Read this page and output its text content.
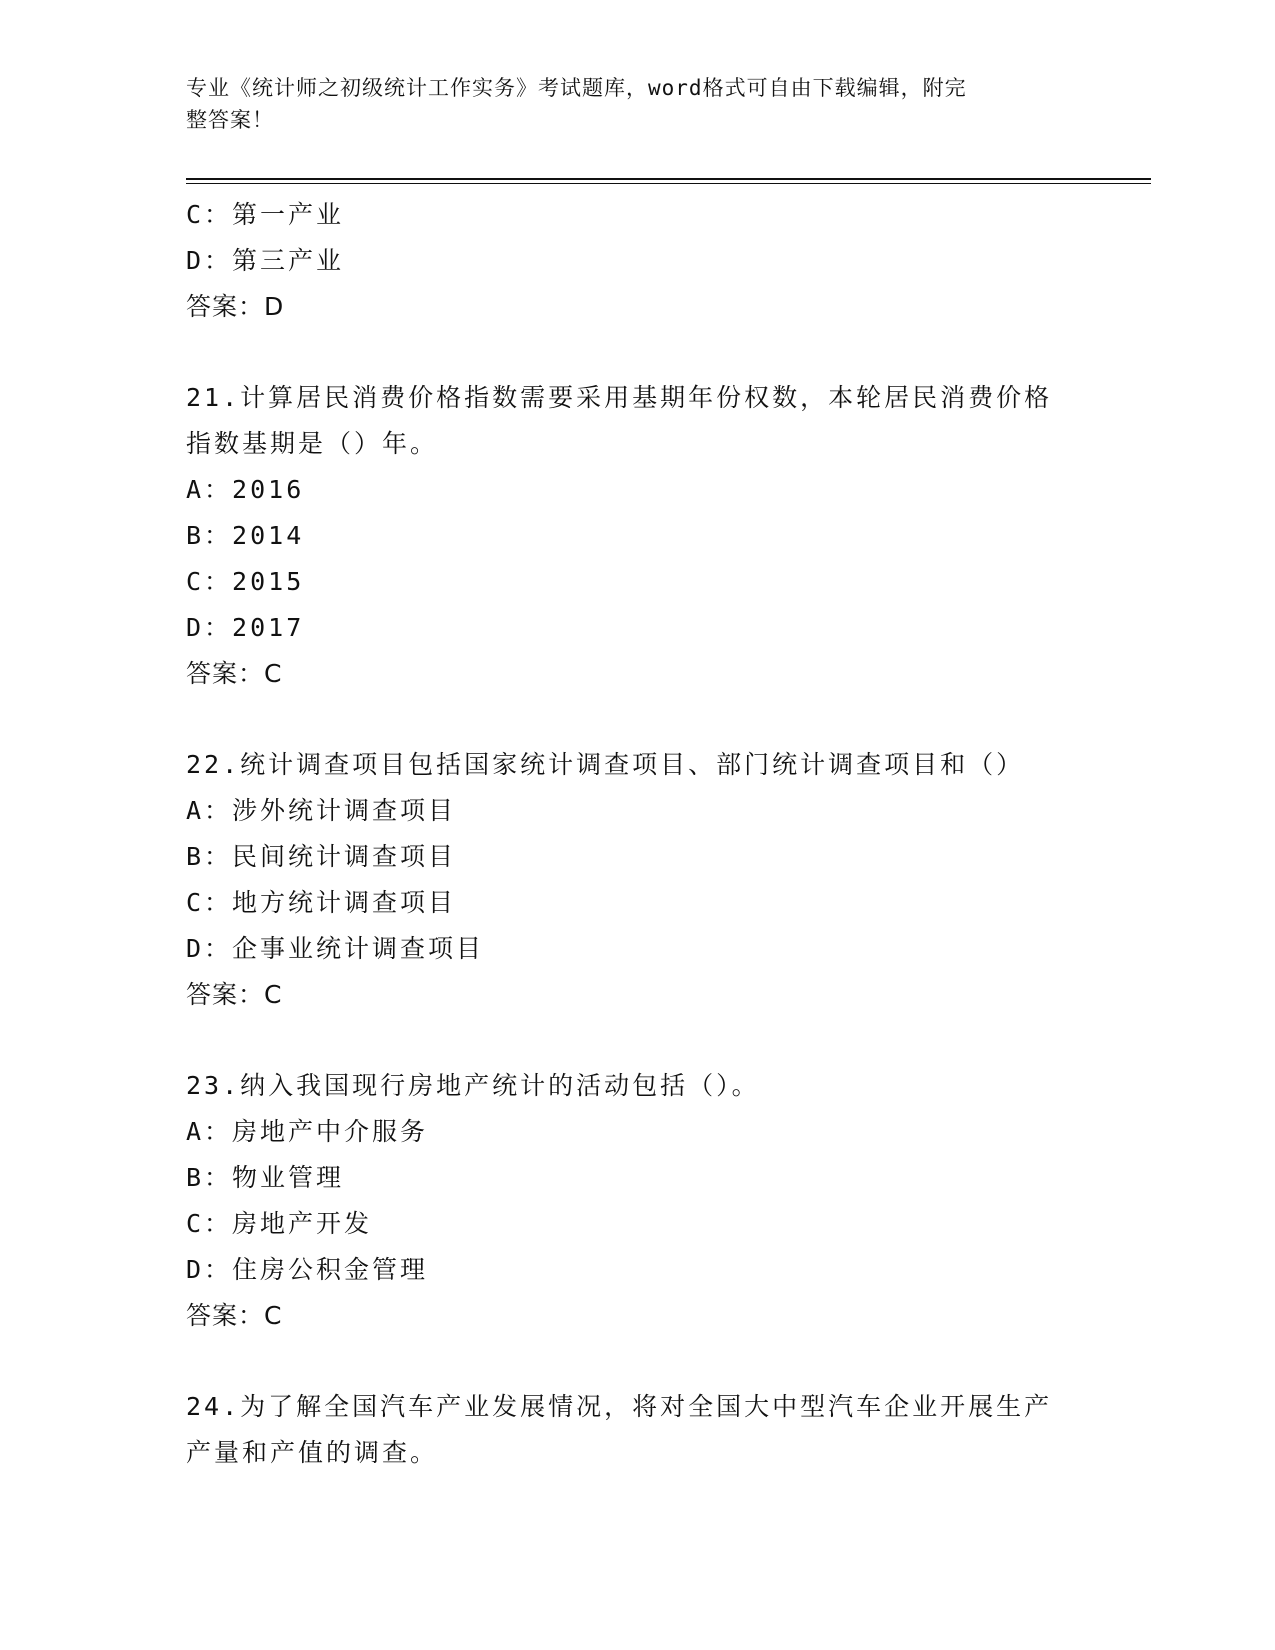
专业《统计师之初级统计工作实务》考试题库，word格式可自由下载编辑，附完
整答案！
C：第一产业
D：第三产业
答案：D
21.计算居民消费价格指数需要采用基期年份权数，本轮居民消费价格
指数基期是（）年。
A：2016
B：2014
C：2015
D：2017
答案：C
22.统计调查项目包括国家统计调查项目、部门统计调查项目和（）
A：涉外统计调查项目
B：民间统计调查项目
C：地方统计调查项目
D：企事业统计调查项目
答案：C
23.纳入我国现行房地产统计的活动包括（）。
A：房地产中介服务
B：物业管理
C：房地产开发
D：住房公积金管理
答案：C
24.为了解全国汽车产业发展情况，将对全国大中型汽车企业开展生产
产量和产值的调查。
